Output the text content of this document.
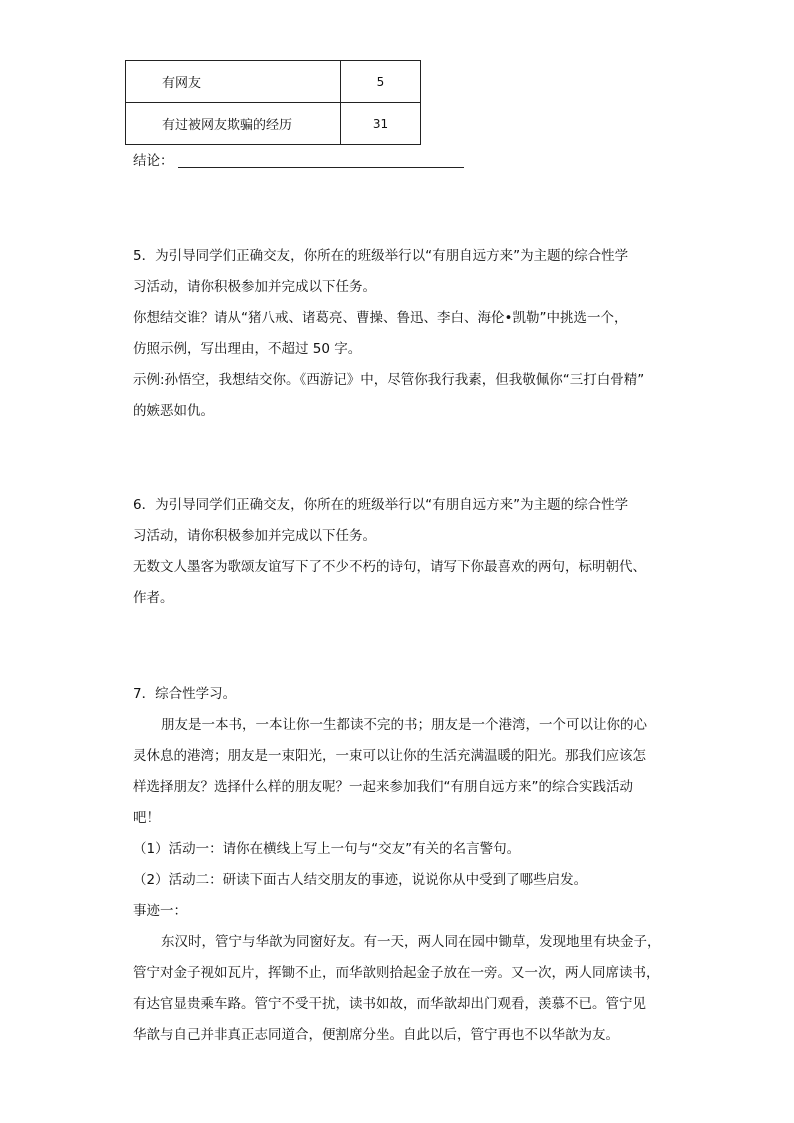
有网友	5
有过被网友欺骗的经历	31
结论：
5．为引导同学们正确交友，你所在的班级举行以“有朋自远方来”为主题的综合性学
习活动，请你积极参加并完成以下任务。
你想结交谁？请从“猪八戒、诸葛亮、曹操、鲁迅、李白、海伦•凯勒”中挑选一个，
仿照示例，写出理由，不超过 50 字。
示例:孙悟空，我想结交你。《西游记》中，尽管你我行我素，但我敬佩你“三打白骨精”
的嫉恶如仇。
6．为引导同学们正确交友，你所在的班级举行以“有朋自远方来”为主题的综合性学
习活动，请你积极参加并完成以下任务。
无数文人墨客为歌颂友谊写下了不少不朽的诗句，请写下你最喜欢的两句，标明朝代、
作者。
7．综合性学习。
朋友是一本书，一本让你一生都读不完的书；朋友是一个港湾，一个可以让你的心
灵休息的港湾；朋友是一束阳光，一束可以让你的生活充满温暖的阳光。那我们应该怎
样选择朋友？选择什么样的朋友呢？一起来参加我们“有朋自远方来”的综合实践活动
吧！
（1）活动一：请你在横线上写上一句与“交友”有关的名言警句。
（2）活动二：研读下面古人结交朋友的事迹，说说你从中受到了哪些启发。
事迹一：
东汉时，管宁与华歆为同窗好友。有一天，两人同在园中锄草，发现地里有块金子，
管宁对金子视如瓦片，挥锄不止，而华歆则拾起金子放在一旁。又一次，两人同席读书，
有达官显贵乘车路。管宁不受干扰，读书如故，而华歆却出门观看，羡慕不已。管宁见
华歆与自己并非真正志同道合，便割席分坐。自此以后，管宁再也不以华歆为友。
